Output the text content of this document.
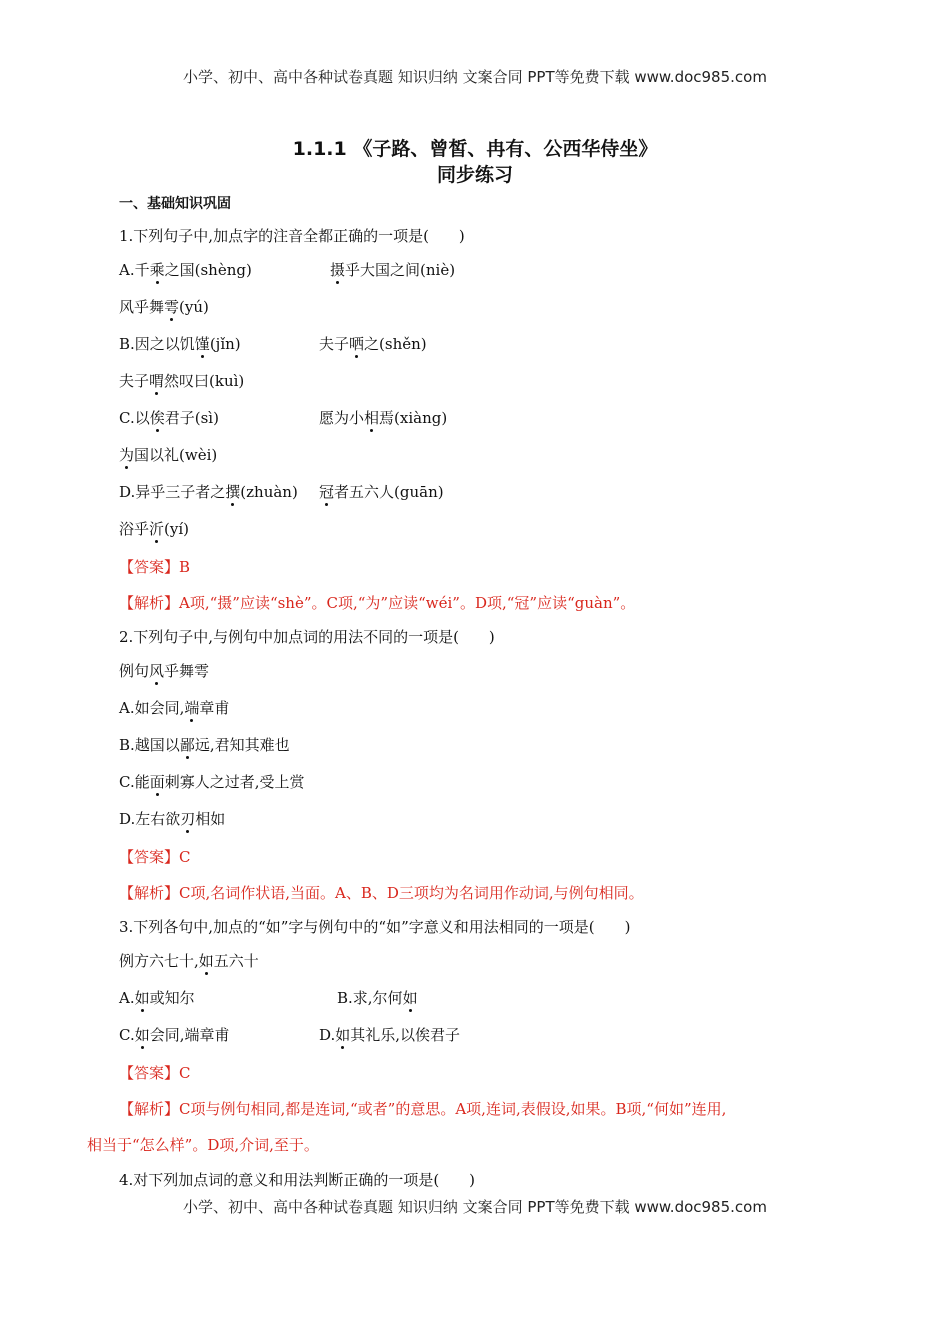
小学、初中、高中各种试卷真题 知识归纳 文案合同 PPT等免费下载 www.doc985.com
1.1.1 《子路、曾皙、冉有、公西华侍坐》
同步练习
一、基础知识巩固
1.下列句子中,加点字的注音全都正确的一项是(　　)
A.千乘之国(shèng)	摄乎大国之间(niè)
风乎舞雩(yú)
B.因之以饥馑(jǐn)	夫子哂之(shěn)
夫子喟然叹曰(kuì)
C.以俟君子(sì)	愿为小相焉(xiàng)
为国以礼(wèi)
D.异乎三子者之撰(zhuàn) 冠者五六人(guān)
浴乎沂(yí)
【答案】B
【解析】A项,“摄”应读“shè”。C项,“为”应读“wéi”。D项,“冠”应读“guàn”。
2.下列句子中,与例句中加点词的用法不同的一项是(　　)
例句风乎舞雩
A.如会同,端章甫
B.越国以鄙远,君知其难也
C.能面刺寡人之过者,受上赏
D.左右欲刃相如
【答案】C
【解析】C项,名词作状语,当面。A、B、D三项均为名词用作动词,与例句相同。
3.下列各句中,加点的“如”字与例句中的“如”字意义和用法相同的一项是(　　)
例方六七十,如五六十
A.如或知尔	B.求,尔何如
C.如会同,端章甫	D.如其礼乐,以俟君子
【答案】C
【解析】C项与例句相同,都是连词,“或者”的意思。A项,连词,表假设,如果。B项,“何如”连用,
相当于“怎么样”。D项,介词,至于。
4.对下列加点词的意义和用法判断正确的一项是(　　)
小学、初中、高中各种试卷真题 知识归纳 文案合同 PPT等免费下载 www.doc985.com
